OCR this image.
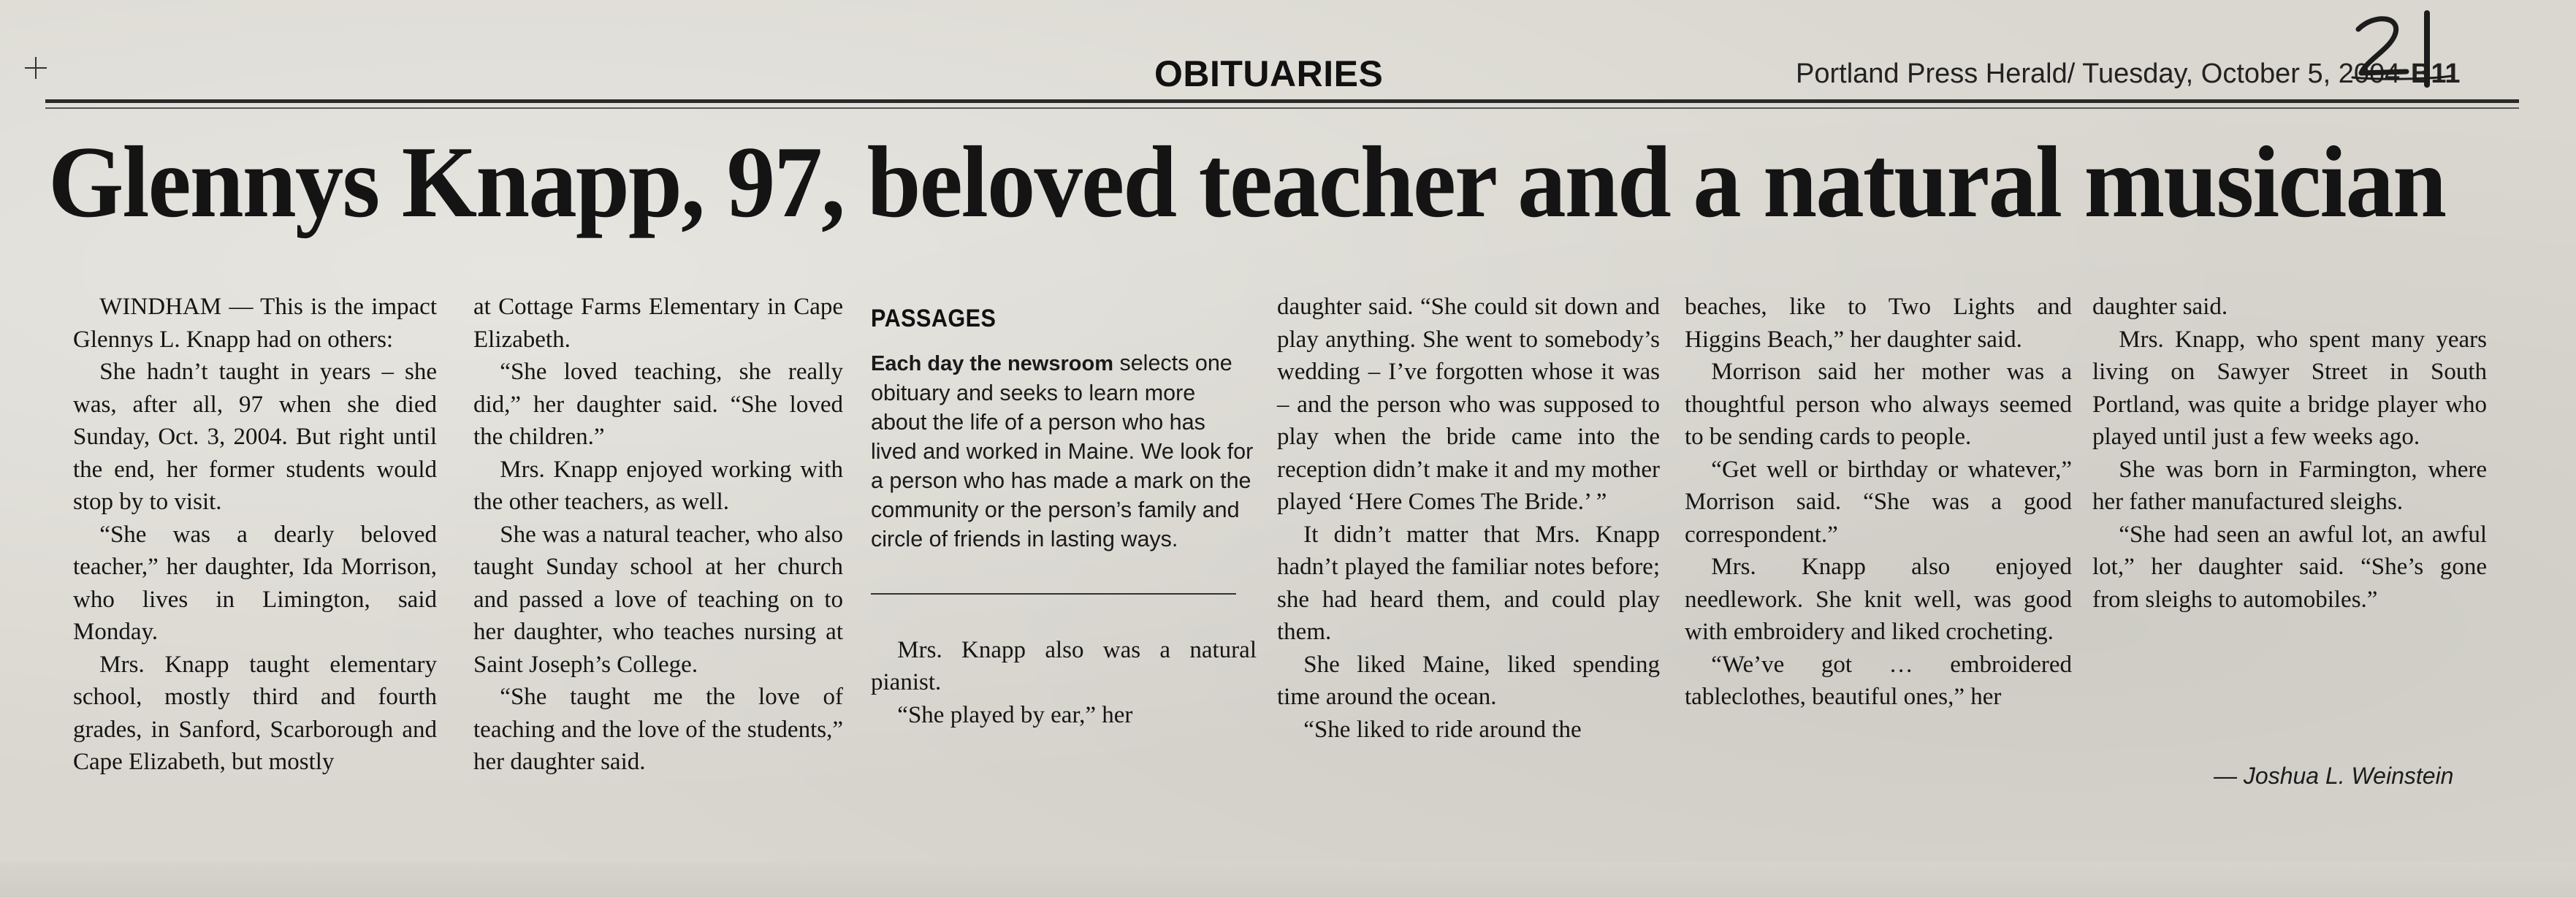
OBITUARIES	Portland Press Herald/ Tuesday, October 5, 2004 B11
Glennys Knapp, 97, beloved teacher and a natural musician

WINDHAM — This is the impact Glennys L. Knapp had on others:

She hadn’t taught in years – she was, after all, 97 when she died Sunday, Oct. 3, 2004. But right until the end, her former students would stop by to visit.

“She was a dearly beloved teacher,” her daughter, Ida Morrison, who lives in Limington, said Monday.

Mrs. Knapp taught elementary school, mostly third and fourth grades, in Sanford, Scarborough and Cape Elizabeth, but mostly

at Cottage Farms Elementary in Cape Elizabeth.

“She loved teaching, she really did,” her daughter said. “She loved the children.”

Mrs. Knapp enjoyed working with the other teachers, as well.

She was a natural teacher, who also taught Sunday school at her church and passed a love of teaching on to her daughter, who teaches nursing at Saint Joseph’s College.

“She taught me the love of teaching and the love of the students,” her daughter said.

PASSAGES
Each day the newsroom selects one obituary and seeks to learn more about the life of a person who has lived and worked in Maine. We look for a person who has made a mark on the community or the person’s family and circle of friends in lasting ways.

Mrs. Knapp also was a natural pianist.

“She played by ear,” her

daughter said. “She could sit down and play anything. She went to somebody’s wedding – I’ve forgotten whose it was – and the person who was supposed to play when the bride came into the reception didn’t make it and my mother played ‘Here Comes The Bride.’ ”

It didn’t matter that Mrs. Knapp hadn’t played the familiar notes before; she had heard them, and could play them.

She liked Maine, liked spending time around the ocean.

“She liked to ride around the

beaches, like to Two Lights and Higgins Beach,” her daughter said.

Morrison said her mother was a thoughtful person who always seemed to be sending cards to people.

“Get well or birthday or whatever,” Morrison said. “She was a good correspondent.”

Mrs. Knapp also enjoyed needlework. She knit well, was good with embroidery and liked crocheting.

“We’ve got … embroidered tableclothes, beautiful ones,” her

daughter said.

Mrs. Knapp, who spent many years living on Sawyer Street in South Portland, was quite a bridge player who played until just a few weeks ago.

She was born in Farmington, where her father manufactured sleighs.

“She had seen an awful lot, an awful lot,” her daughter said. “She’s gone from sleighs to automobiles.”

— Joshua L. Weinstein
